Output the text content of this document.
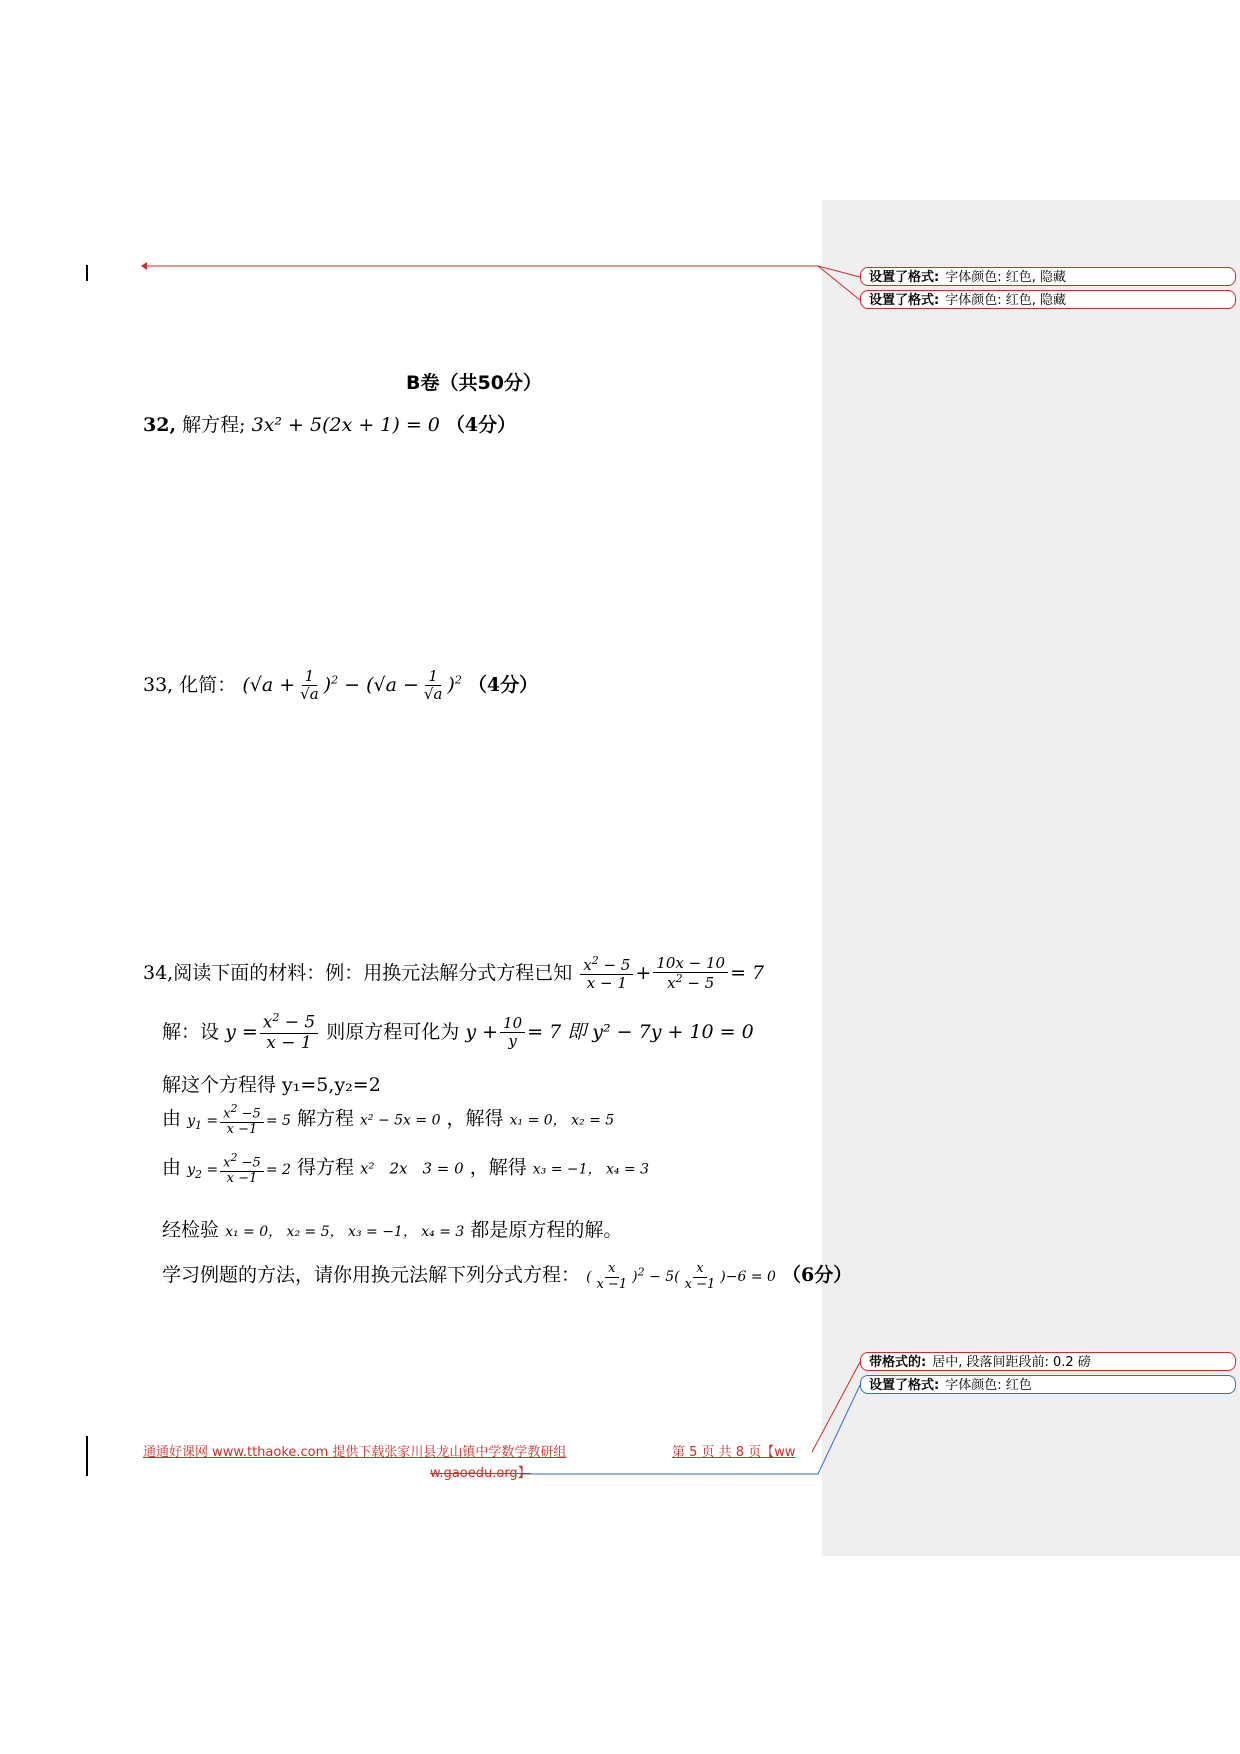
设置了格式: 字体颜色: 红色, 隐藏
设置了格式: 字体颜色: 红色, 隐藏
带格式的: 居中, 段落间距段前: 0.2 磅
设置了格式: 字体颜色: 红色
B卷（共50分）
32, 解方程; 3x² + 5(2x + 1) = 0 （4分）
33, 化简： $(√a + \frac{1}{√a} )^2 - (√a - \frac{1}{√a} )^2$ （4分）
34,阅读下面的材料：例：用换元法解分式方程已知 $\frac{x^2 - 5}{x - 1} + \frac{10x - 10}{x^2 - 5} = 7$
解：设 $y = \frac{x^2 - 5}{x - 1}$ 则原方程可化为 $y + \frac{10}{y} = 7$ 即 y² − 7y + 10 = 0
解这个方程得 y₁=5,y₂=2
由 $y_1 = \frac{x^2 -5}{x -1} = 5$ 解方程 x² − 5x = 0 ，解得 x₁ = 0， x₂ = 5
由 $y_2 = \frac{x^2 -5}{x -1} = 2$ 得方程 x²　2x　3 = 0 ，解得 x₃ = −1， x₄ = 3
经检验 x₁ = 0， x₂ = 5， x₃ = −1， x₄ = 3 都是原方程的解。
学习例题的方法，请你用换元法解下列分式方程： ( $\frac{x}{x -1} )^2 - 5( \frac{x}{x -1} )-6 = 0$ （6分）
通通好课网 www.tthaoke.com 提供下载张家川县龙山镇中学数学教研组	第 5 页 共 8 页【ww
w.gaoedu.org】
